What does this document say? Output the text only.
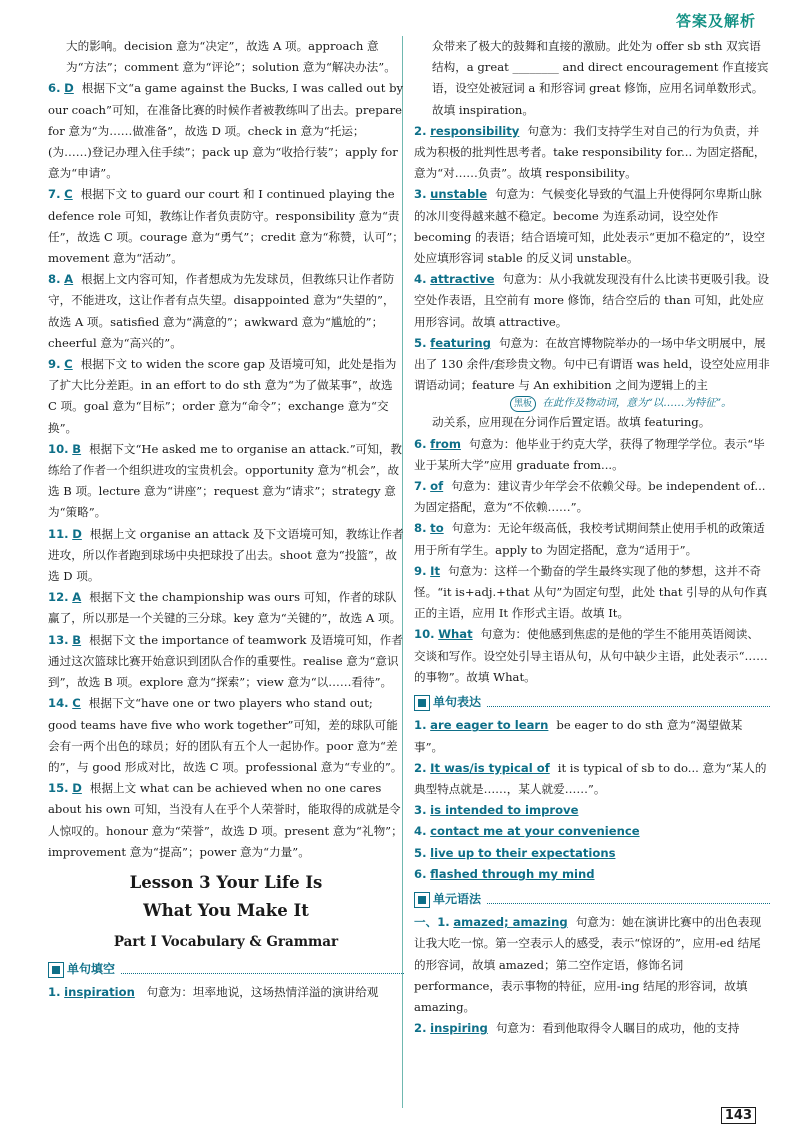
答案及解析

大的影响。decision 意为“决定”，故选 A 项。approach 意为“方法”；comment 意为“评论”；solution 意为“解决办法”。

6. D 根据下文“a game against the Bucks, I was called out by our coach”可知，在准备比赛的时候作者被教练叫了出去。prepare for 意为“为……做准备”，故选 D 项。check in 意为“托运；(为……)登记办理入住手续”；pack up 意为“收拾行装”；apply for 意为“申请”。

7. C 根据下文 to guard our court 和 I continued playing the defence role 可知，教练让作者负责防守。responsibility 意为“责任”，故选 C 项。courage 意为“勇气”；credit 意为“称赞，认可”；movement 意为“活动”。

8. A 根据上文内容可知，作者想成为先发球员，但教练只让作者防守，不能进攻，这让作者有点失望。disappointed 意为“失望的”，故选 A 项。satisfied 意为“满意的”；awkward 意为“尴尬的”；cheerful 意为“高兴的”。

9. C 根据下文 to widen the score gap 及语境可知，此处是指为了扩大比分差距。in an effort to do sth 意为“为了做某事”，故选 C 项。goal 意为“目标”；order 意为“命令”；exchange 意为“交换”。

10. B 根据下文“He asked me to organise an attack.”可知，教练给了作者一个组织进攻的宝贵机会。opportunity 意为“机会”，故选 B 项。lecture 意为“讲座”；request 意为“请求”；strategy 意为“策略”。

11. D 根据上文 organise an attack 及下文语境可知，教练让作者进攻，所以作者跑到球场中央把球投了出去。shoot 意为“投篮”，故选 D 项。

12. A 根据下文 the championship was ours 可知，作者的球队赢了，所以那是一个关键的三分球。key 意为“关键的”，故选 A 项。

13. B 根据下文 the importance of teamwork 及语境可知，作者通过这次篮球比赛开始意识到团队合作的重要性。realise 意为“意识到”，故选 B 项。explore 意为“探索”；view 意为“以……看待”。

14. C 根据下文“have one or two players who stand out; good teams have five who work together”可知，差的球队可能会有一两个出色的球员；好的团队有五个人一起协作。poor 意为“差的”，与 good 形成对比，故选 C 项。professional 意为“专业的”。

15. D 根据上文 what can be achieved when no one cares about his own 可知，当没有人在乎个人荣誉时，能取得的成就是令人惊叹的。honour 意为“荣誉”，故选 D 项。present 意为“礼物”；improvement 意为“提高”；power 意为“力量”。

Lesson 3 Your Life Is
What You Make It
Part Ⅰ Vocabulary & Grammar
单句填空

1. inspiration 句意为：坦率地说，这场热情洋溢的演讲给观

众带来了极大的鼓舞和直接的激励。此处为 offer sb sth 双宾语结构，a great ________ and direct encouragement 作直接宾语，设空处被冠词 a 和形容词 great 修饰，应用名词单数形式。故填 inspiration。

2. responsibility 句意为：我们支持学生对自己的行为负责，并成为积极的批判性思考者。take responsibility for... 为固定搭配，意为“对……负责”。故填 responsibility。

3. unstable 句意为：气候变化导致的气温上升使得阿尔卑斯山脉的冰川变得越来越不稳定。become 为连系动词，设空处作 becoming 的表语；结合语境可知，此处表示“更加不稳定的”，设空处应填形容词 stable 的反义词 unstable。

4. attractive 句意为：从小我就发现没有什么比读书更吸引我。设空处作表语，且空前有 more 修饰，结合空后的 than 可知，此处应用形容词。故填 attractive。

5. featuring 句意为：在故宫博物院举办的一场中华文明展中，展出了 130 余件/套珍贵文物。句中已有谓语 was held，设空处应用非谓语动词；feature 与 An exhibition 之间为逻辑上的主

黑板 在此作及物动词，意为“以……为特征”。

动关系，应用现在分词作后置定语。故填 featuring。

6. from 句意为：他毕业于约克大学，获得了物理学学位。表示“毕业于某所大学”应用 graduate from...。

7. of 句意为：建议青少年学会不依赖父母。be independent of... 为固定搭配，意为“不依赖……”。

8. to 句意为：无论年级高低，我校考试期间禁止使用手机的政策适用于所有学生。apply to 为固定搭配，意为“适用于”。

9. It 句意为：这样一个勤奋的学生最终实现了他的梦想，这并不奇怪。“it is+adj.+that 从句”为固定句型，此处 that 引导的从句作真正的主语，应用 It 作形式主语。故填 It。

10. What 句意为：使他感到焦虑的是他的学生不能用英语阅读、交谈和写作。设空处引导主语从句，从句中缺少主语，此处表示“……的事物”。故填 What。

单句表达

1. are eager to learn be eager to do sth 意为“渴望做某事”。

2. It was/is typical of it is typical of sb to do... 意为“某人的典型特点就是……，某人就爱……”。

3. is intended to improve

4. contact me at your convenience

5. live up to their expectations

6. flashed through my mind

单元语法

一、1. amazed; amazing 句意为：她在演讲比赛中的出色表现让我大吃一惊。第一空表示人的感受，表示“惊讶的”，应用-ed 结尾的形容词，故填 amazed；第二空作定语，修饰名词 performance，表示事物的特征，应用-ing 结尾的形容词，故填 amazing。

2. inspiring 句意为：看到他取得令人瞩目的成功，他的支持

143
